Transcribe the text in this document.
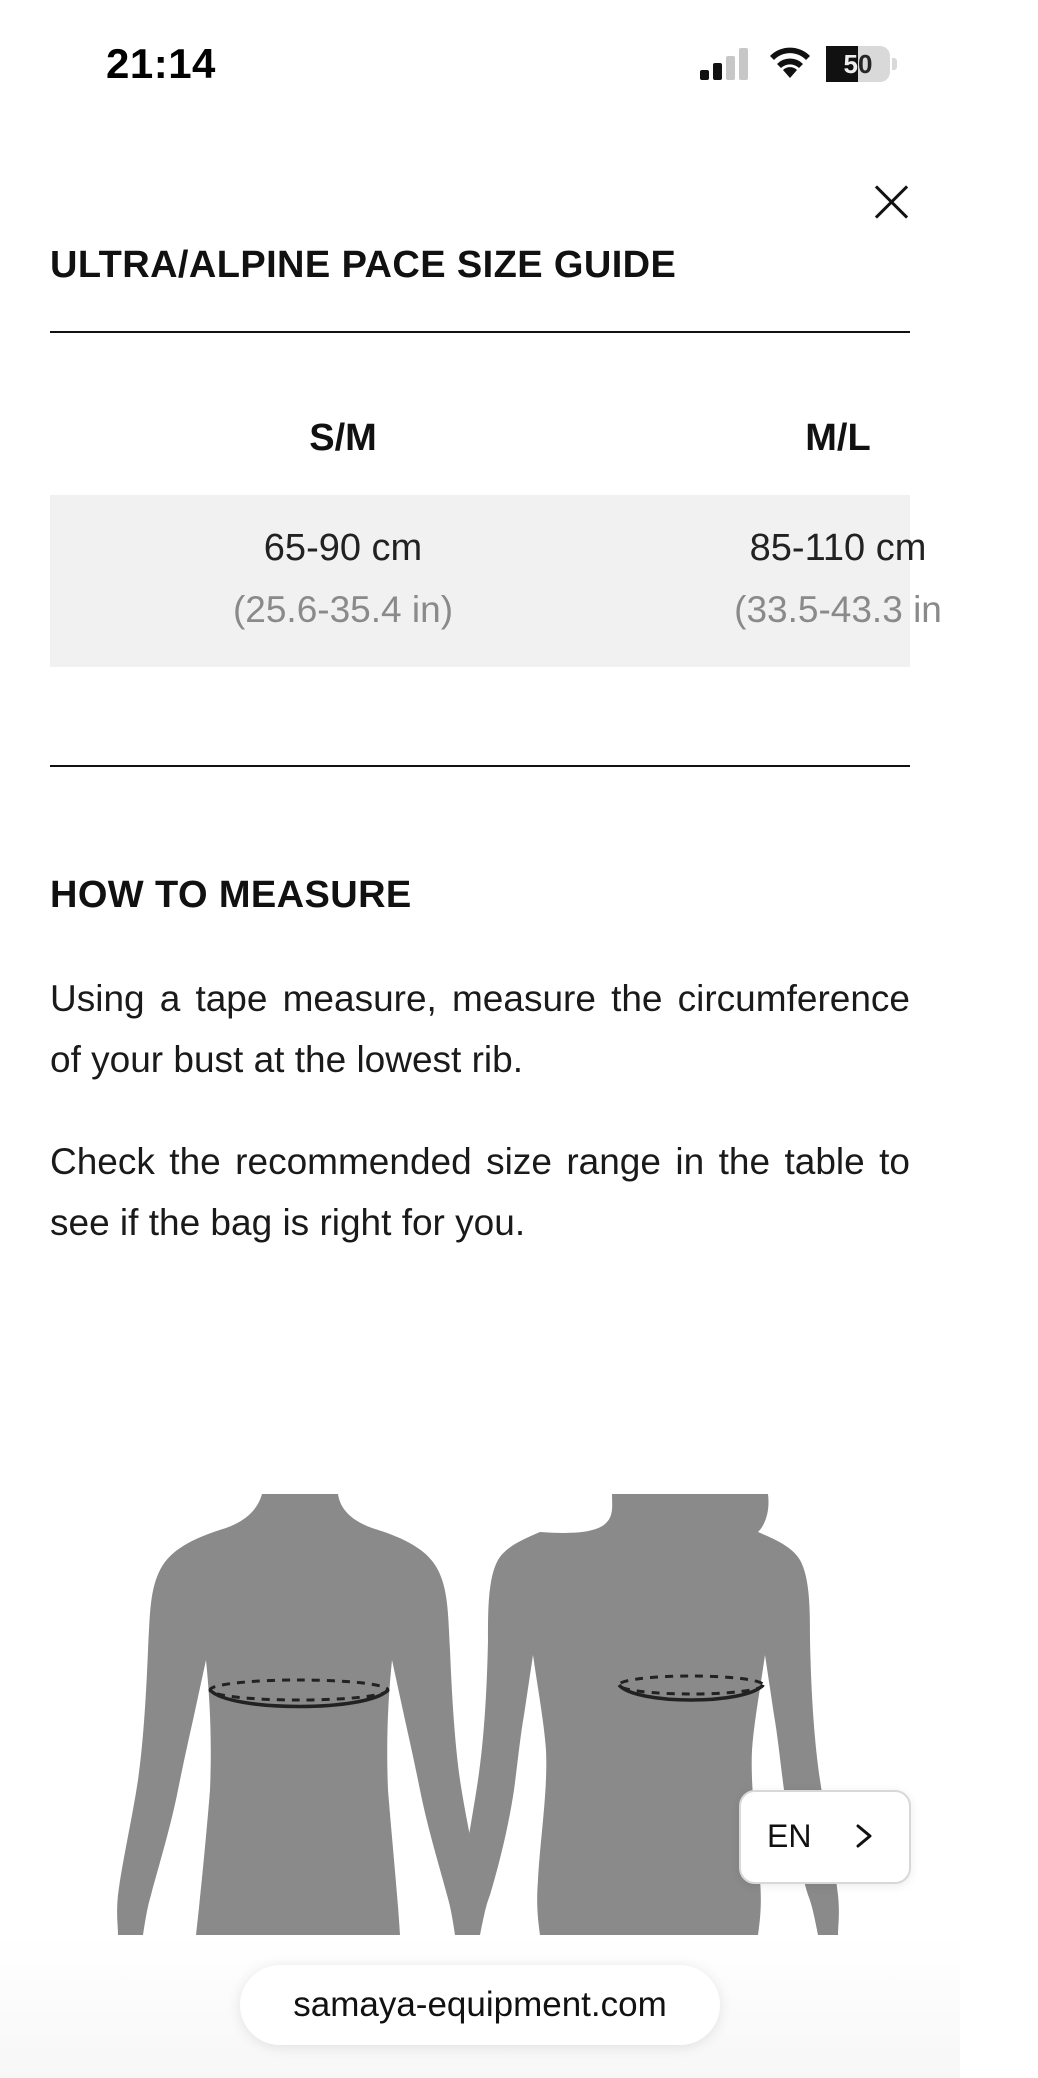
21:14	50
ULTRA/ALPINE PACE SIZE GUIDE
S/M	M/L
65-90 cm
(25.6-35.4 in)
85-110 cm
(33.5-43.3 in
HOW TO MEASURE
Using a tape measure, measure the circumference of your bust at the lowest rib.
Check the recommended size range in the table to see if the bag is right for you.
EN
samaya-equipment.com
